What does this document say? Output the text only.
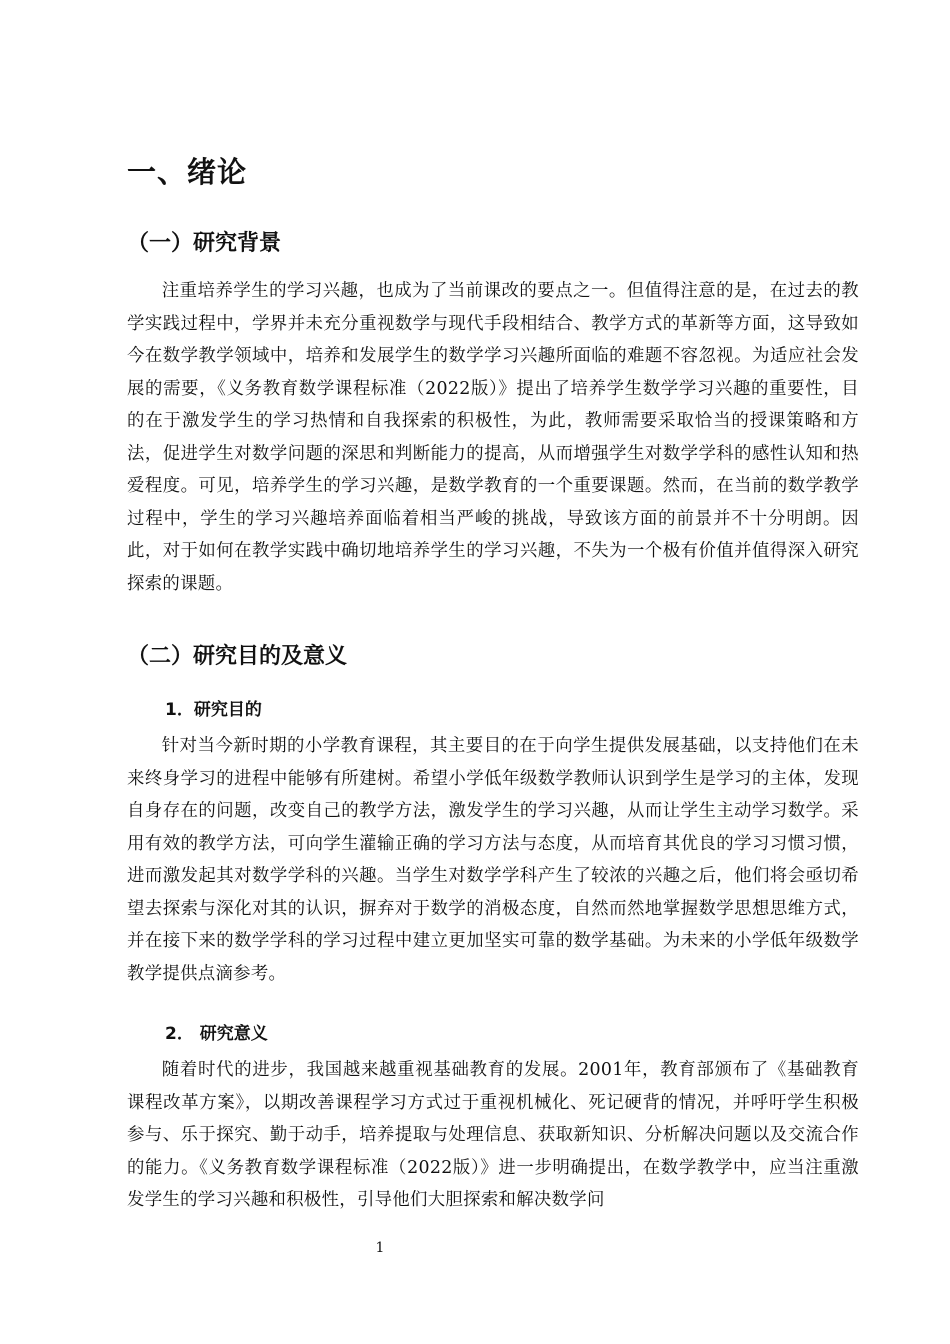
一、绪论
（一）研究背景

注重培养学生的学习兴趣，也成为了当前课改的要点之一。但值得注意的是，在过去的教学实践过程中，学界并未充分重视数学与现代手段相结合、教学方式的革新等方面，这导致如今在数学教学领域中，培养和发展学生的数学学习兴趣所面临的难题不容忽视。为适应社会发展的需要，《义务教育数学课程标准（2022版）》提出了培养学生数学学习兴趣的重要性，目的在于激发学生的学习热情和自我探索的积极性，为此，教师需要采取恰当的授课策略和方法，促进学生对数学问题的深思和判断能力的提高，从而增强学生对数学学科的感性认知和热爱程度。可见，培养学生的学习兴趣，是数学教育的一个重要课题。然而，在当前的数学教学过程中，学生的学习兴趣培养面临着相当严峻的挑战，导致该方面的前景并不十分明朗。因此，对于如何在教学实践中确切地培养学生的学习兴趣，不失为一个极有价值并值得深入研究探索的课题。

（二）研究目的及意义
1．研究目的

针对当今新时期的小学教育课程，其主要目的在于向学生提供发展基础，以支持他们在未来终身学习的进程中能够有所建树。希望小学低年级数学教师认识到学生是学习的主体，发现自身存在的问题，改变自己的教学方法，激发学生的学习兴趣，从而让学生主动学习数学。采用有效的教学方法，可向学生灌输正确的学习方法与态度，从而培育其优良的学习习惯习惯，进而激发起其对数学学科的兴趣。当学生对数学学科产生了较浓的兴趣之后，他们将会亟切希望去探索与深化对其的认识，摒弃对于数学的消极态度，自然而然地掌握数学思想思维方式，并在接下来的数学学科的学习过程中建立更加坚实可靠的数学基础。为未来的小学低年级数学教学提供点滴参考。

2． 研究意义

随着时代的进步，我国越来越重视基础教育的发展。2001年，教育部颁布了《基础教育课程改革方案》，以期改善课程学习方式过于重视机械化、死记硬背的情况，并呼吁学生积极参与、乐于探究、勤于动手，培养提取与处理信息、获取新知识、分析解决问题以及交流合作的能力。《义务教育数学课程标准（2022版）》进一步明确提出，在数学教学中，应当注重激发学生的学习兴趣和积极性，引导他们大胆探索和解决数学问

1
